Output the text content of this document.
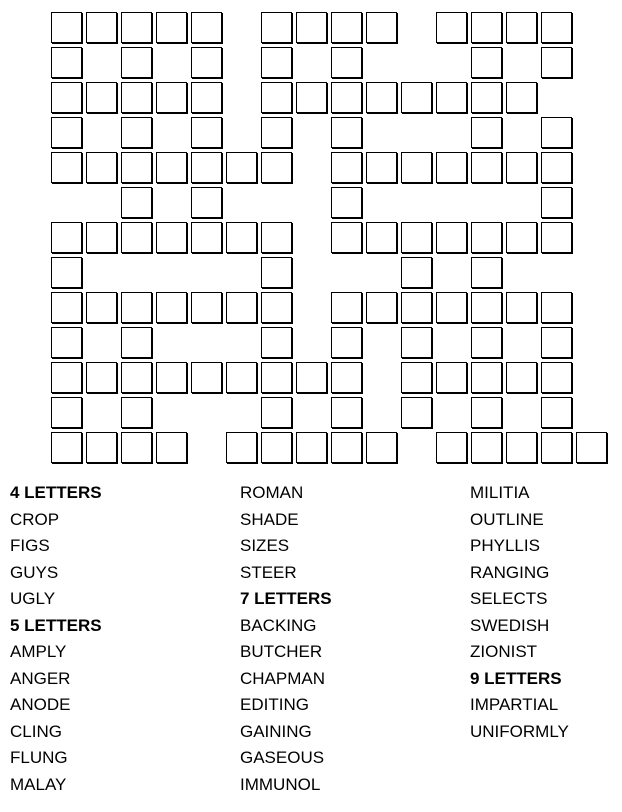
4 LETTERS
CROP
FIGS
GUYS
UGLY
5 LETTERS
AMPLY
ANGER
ANODE
CLING
FLUNG
MALAY
ROMAN
SHADE
SIZES
STEER
7 LETTERS
BACKING
BUTCHER
CHAPMAN
EDITING
GAINING
GASEOUS
IMMUNOL
MILITIA
OUTLINE
PHYLLIS
RANGING
SELECTS
SWEDISH
ZIONIST
9 LETTERS
IMPARTIAL
UNIFORMLY
